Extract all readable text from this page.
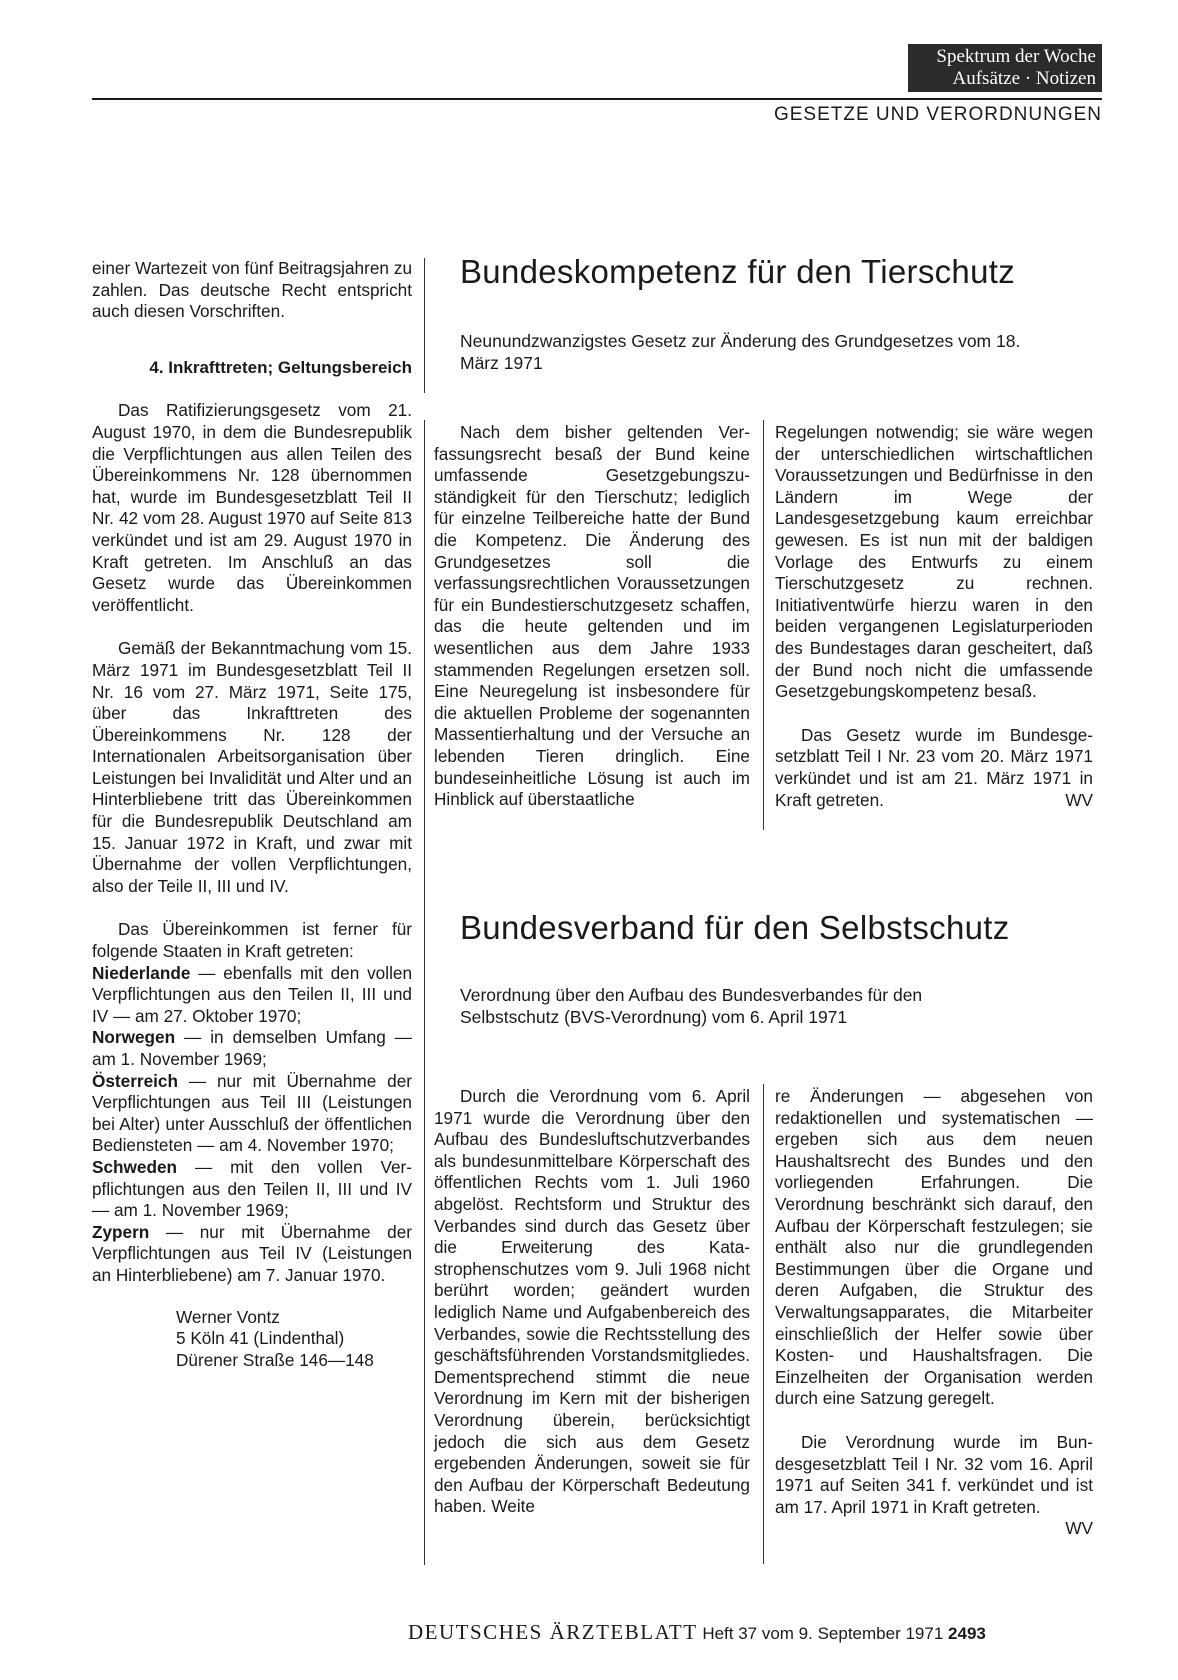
Spektrum der Woche
Aufsätze · Notizen
GESETZE UND VERORDNUNGEN

einer Wartezeit von fünf Beitragsjahren zu zahlen. Das deutsche Recht entspricht auch diesen Vorschriften.

4. Inkrafttreten; Geltungsbereich

Das Ratifizierungsgesetz vom 21. August 1970, in dem die Bundesrepublik die Verpflichtungen aus allen Teilen des Übereinkommens Nr. 128 übernommen hat, wurde im Bundesgesetzblatt Teil II Nr. 42 vom 28. August 1970 auf Seite 813 verkündet und ist am 29. August 1970 in Kraft getreten. Im Anschluß an das Gesetz wurde das Übereinkommen veröffentlicht.

Gemäß der Bekanntmachung vom 15. März 1971 im Bundesgesetzblatt Teil II Nr. 16 vom 27. März 1971, Seite 175, über das Inkrafttreten des Übereinkommens Nr. 128 der Internationalen Arbeitsorganisation über Leistungen bei Invalidität und Alter und an Hinterbliebene tritt das Übereinkommen für die Bundesrepublik Deutschland am 15. Januar 1972 in Kraft, und zwar mit Übernahme der vollen Verpflichtungen, also der Teile II, III und IV.

Das Übereinkommen ist ferner für folgende Staaten in Kraft getreten:

Niederlande — ebenfalls mit den vollen Verpflichtungen aus den Teilen II, III und IV — am 27. Oktober 1970;

Norwegen — in demselben Umfang — am 1. November 1969;

Österreich — nur mit Übernahme der Verpflichtungen aus Teil III (Leistungen bei Alter) unter Ausschluß der öffentlichen Bediensteten — am 4. November 1970;

Schweden — mit den vollen Verpflichtungen aus den Teilen II, III und IV — am 1. November 1969;

Zypern — nur mit Übernahme der Verpflichtungen aus Teil IV (Leistungen an Hinterbliebene) am 7. Januar 1970.

Werner Vontz
5 Köln 41 (Lindenthal)
Dürener Straße 146—148
Bundeskompetenz für den Tierschutz
Neunundzwanzigstes Gesetz zur Änderung des Grundgesetzes vom 18. März 1971
Nach dem bisher geltenden Verfassungsrecht besaß der Bund keine umfassende Gesetzgebungszuständigkeit für den Tierschutz; lediglich für einzelne Teilbereiche hatte der Bund die Kompetenz. Die Änderung des Grundgesetzes soll die verfassungsrechtlichen Voraussetzungen für ein Bundestierschutzgesetz schaffen, das die heute geltenden und im wesentlichen aus dem Jahre 1933 stammenden Regelungen ersetzen soll. Eine Neuregelung ist insbesondere für die aktuellen Probleme der sogenannten Massentierhaltung und der Versuche an lebenden Tieren dringlich. Eine bundeseinheitliche Lösung ist auch im Hinblick auf überstaatliche

Regelungen notwendig; sie wäre wegen der unterschiedlichen wirtschaftlichen Voraussetzungen und Bedürfnisse in den Ländern im Wege der Landesgesetzgebung kaum erreichbar gewesen. Es ist nun mit der baldigen Vorlage des Entwurfs zu einem Tierschutzgesetz zu rechnen. Initiativentwürfe hierzu waren in den beiden vergangenen Legislaturperioden des Bundestages daran gescheitert, daß der Bund noch nicht die umfassende Gesetzgebungskompetenz besaß.

Das Gesetz wurde im Bundesgesetzblatt Teil I Nr. 23 vom 20. März 1971 verkündet und ist am 21. März 1971 in Kraft getreten.	WV

Bundesverband für den Selbstschutz
Verordnung über den Aufbau des Bundesverbandes für den Selbstschutz (BVS-Verordnung) vom 6. April 1971
Durch die Verordnung vom 6. April 1971 wurde die Verordnung über den Aufbau des Bundesluftschutzverbandes als bundesunmittelbare Körperschaft des öffentlichen Rechts vom 1. Juli 1960 abgelöst. Rechtsform und Struktur des Verbandes sind durch das Gesetz über die Erweiterung des Katastrophenschutzes vom 9. Juli 1968 nicht berührt worden; geändert wurden lediglich Name und Aufgabenbereich des Verbandes, sowie die Rechtsstellung des geschäftsführenden Vorstandsmitgliedes. Dementsprechend stimmt die neue Verordnung im Kern mit der bisherigen Verordnung überein, berücksichtigt jedoch die sich aus dem Gesetz ergebenden Änderungen, soweit sie für den Aufbau der Körperschaft Bedeutung haben. Weite

re Änderungen — abgesehen von redaktionellen und systematischen — ergeben sich aus dem neuen Haushaltsrecht des Bundes und den vorliegenden Erfahrungen. Die Verordnung beschränkt sich darauf, den Aufbau der Körperschaft festzulegen; sie enthält also nur die grundlegenden Bestimmungen über die Organe und deren Aufgaben, die Struktur des Verwaltungsapparates, die Mitarbeiter einschließlich der Helfer sowie über Kosten- und Haushaltsfragen. Die Einzelheiten der Organisation werden durch eine Satzung geregelt.

Die Verordnung wurde im Bundesgesetzblatt Teil I Nr. 32 vom 16. April 1971 auf Seiten 341 f. verkündet und ist am 17. April 1971 in Kraft getreten.
WV

DEUTSCHES ÄRZTEBLATT Heft 37 vom 9. September 1971 2493
